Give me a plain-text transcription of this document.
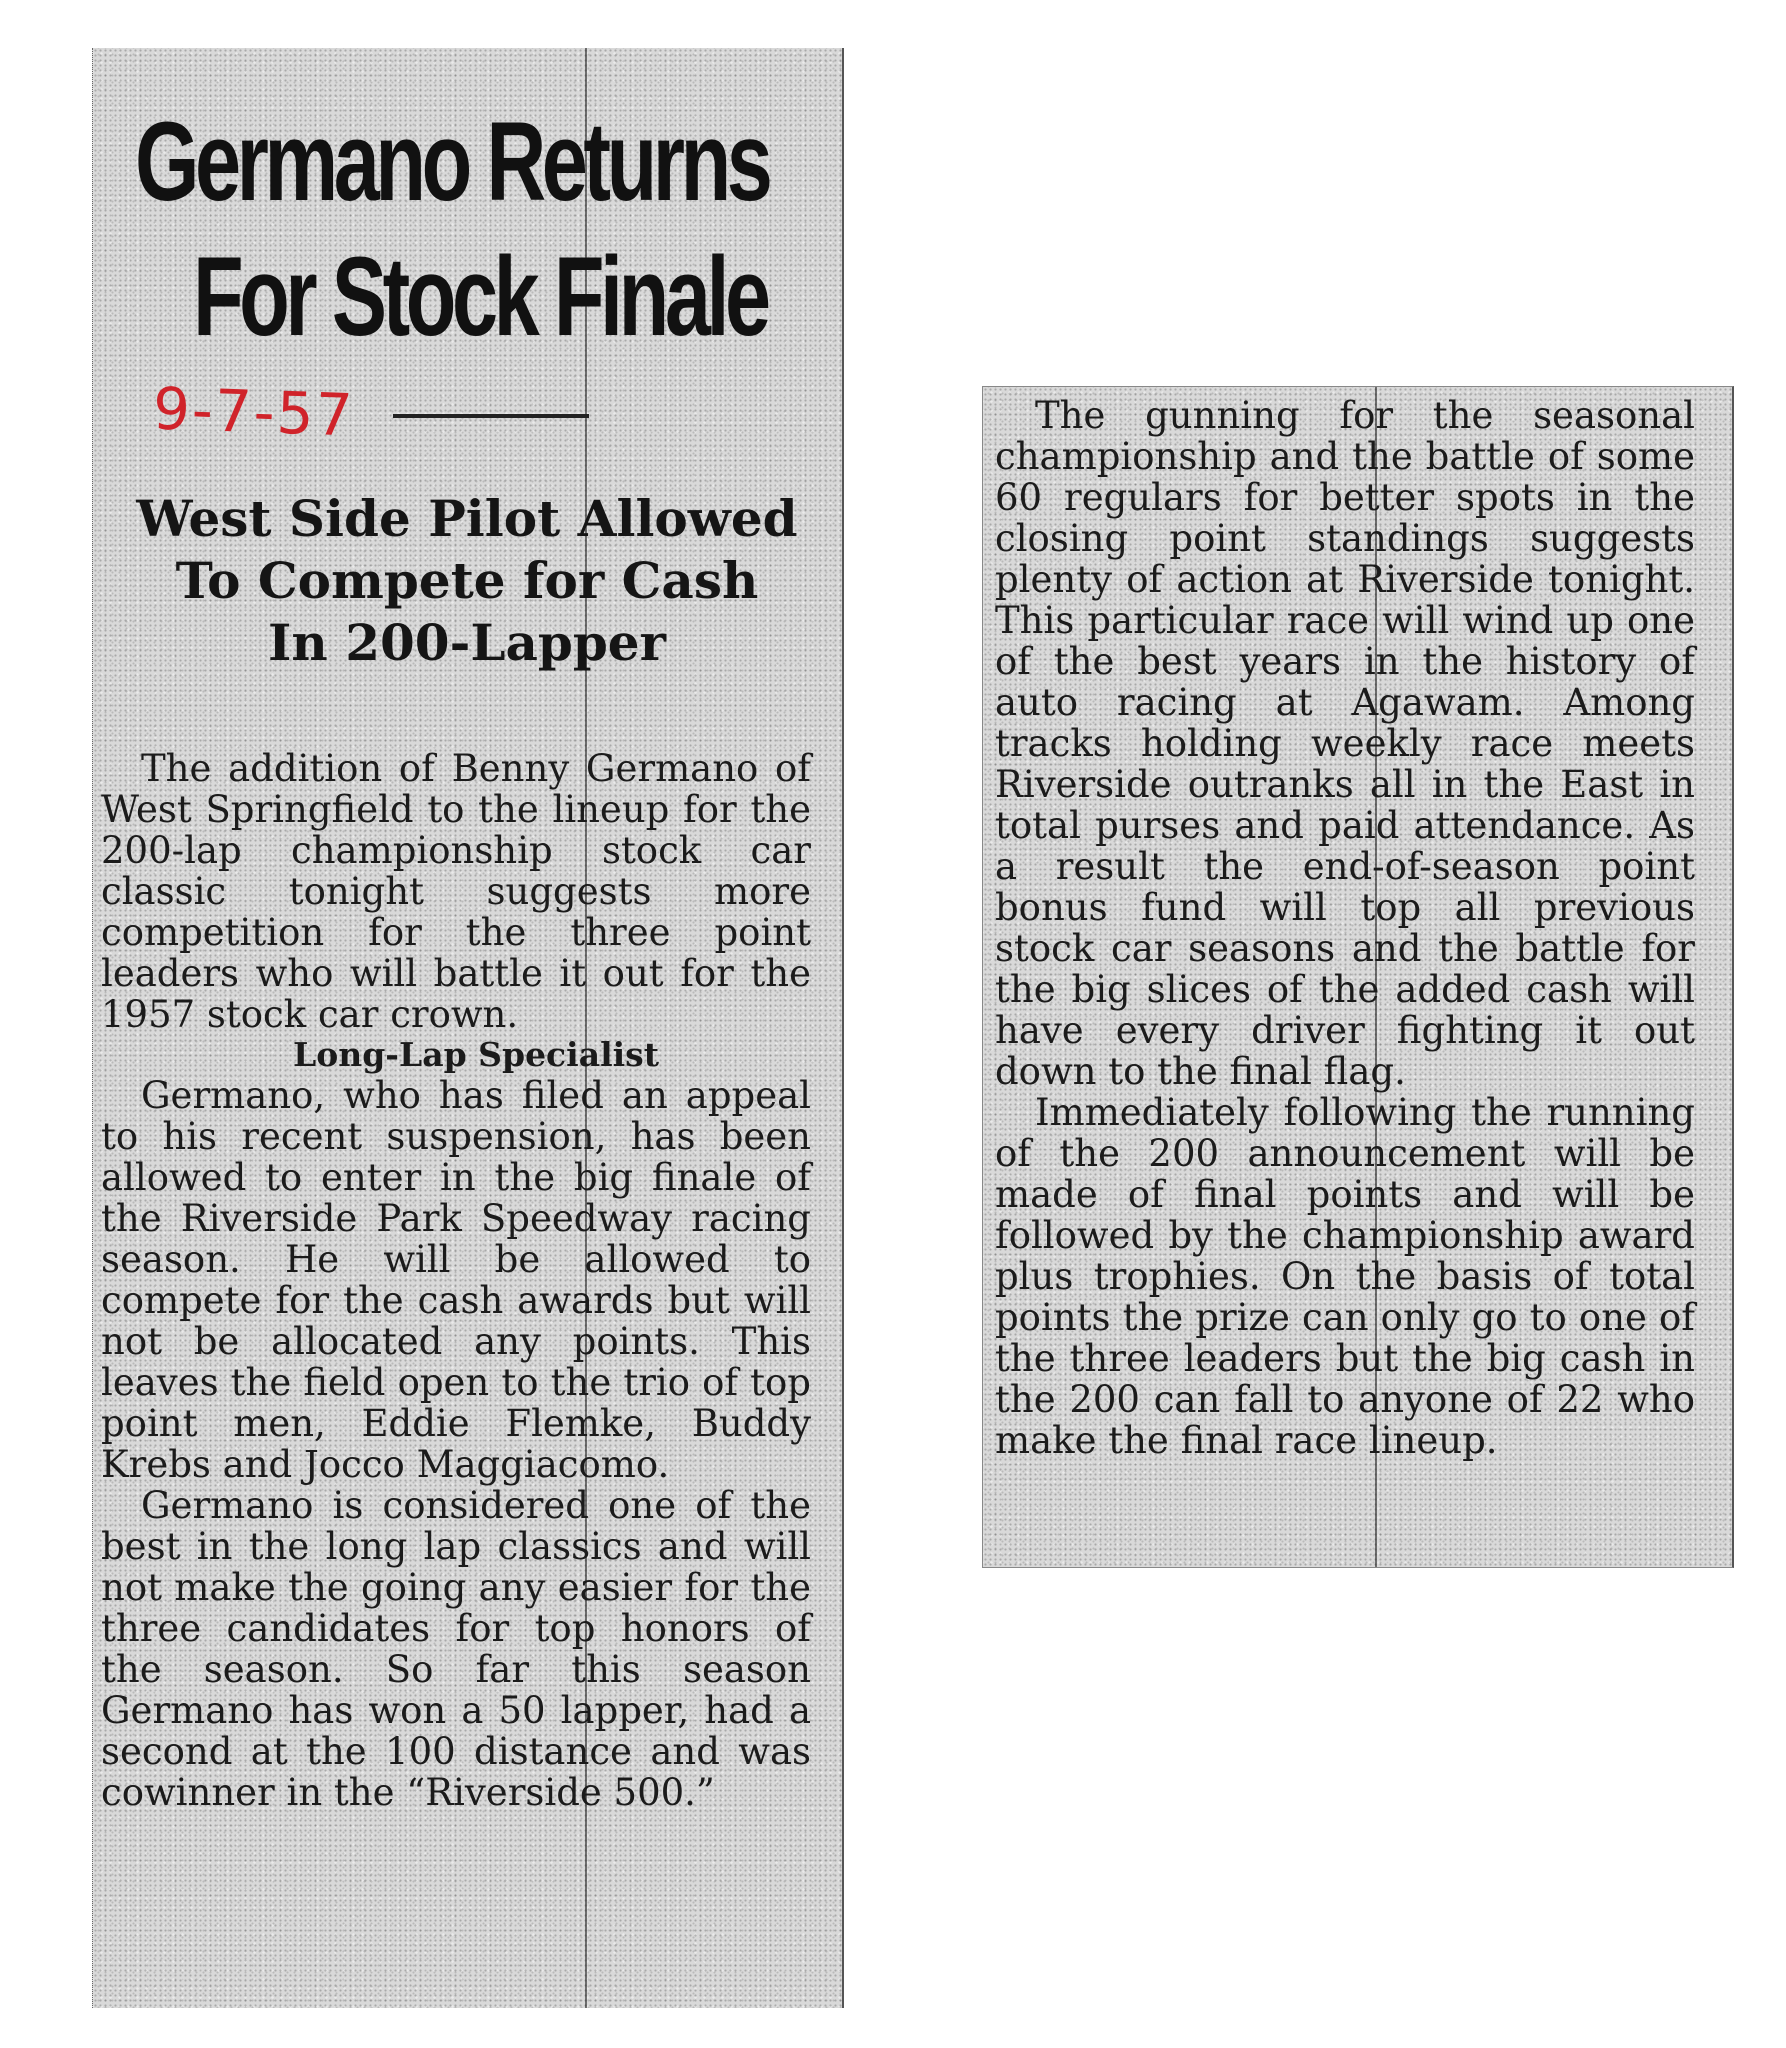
Germano Returns
For Stock Finale
9-7-57
West Side Pilot Allowed
To Compete for Cash
In 200-Lapper

The addition of Benny Germano of West Springfield to the lineup for the 200-lap championship stock car classic tonight suggests more competition for the three point leaders who will battle it out for the 1957 stock car crown.

Long-Lap Specialist

Germano, who has filed an appeal to his recent suspension, has been allowed to enter in the big finale of the Riverside Park Speedway racing season. He will be allowed to compete for the cash awards but will not be allocated any points. This leaves the field open to the trio of top point men, Eddie Flemke, Buddy Krebs and Jocco Maggiacomo.

Germano is considered one of the best in the long lap classics and will not make the going any easier for the three candidates for top honors of the season. So far this season Germano has won a 50 lapper, had a second at the 100 distance and was cowinner in the “Riverside 500.”

The gunning for the seasonal championship and the battle of some 60 regulars for better spots in the closing point standings suggests plenty of action at Riverside tonight. This particular race will wind up one of the best years in the history of auto racing at Agawam. Among tracks holding weekly race meets Riverside outranks all in the East in total purses and paid attendance. As a result the end-of-season point bonus fund will top all previous stock car seasons and the battle for the big slices of the added cash will have every driver fighting it out down to the final flag.

Immediately following the running of the 200 announcement will be made of final points and will be followed by the championship award plus trophies. On the basis of total points the prize can only go to one of the three leaders but the big cash in the 200 can fall to anyone of 22 who make the final race lineup.
